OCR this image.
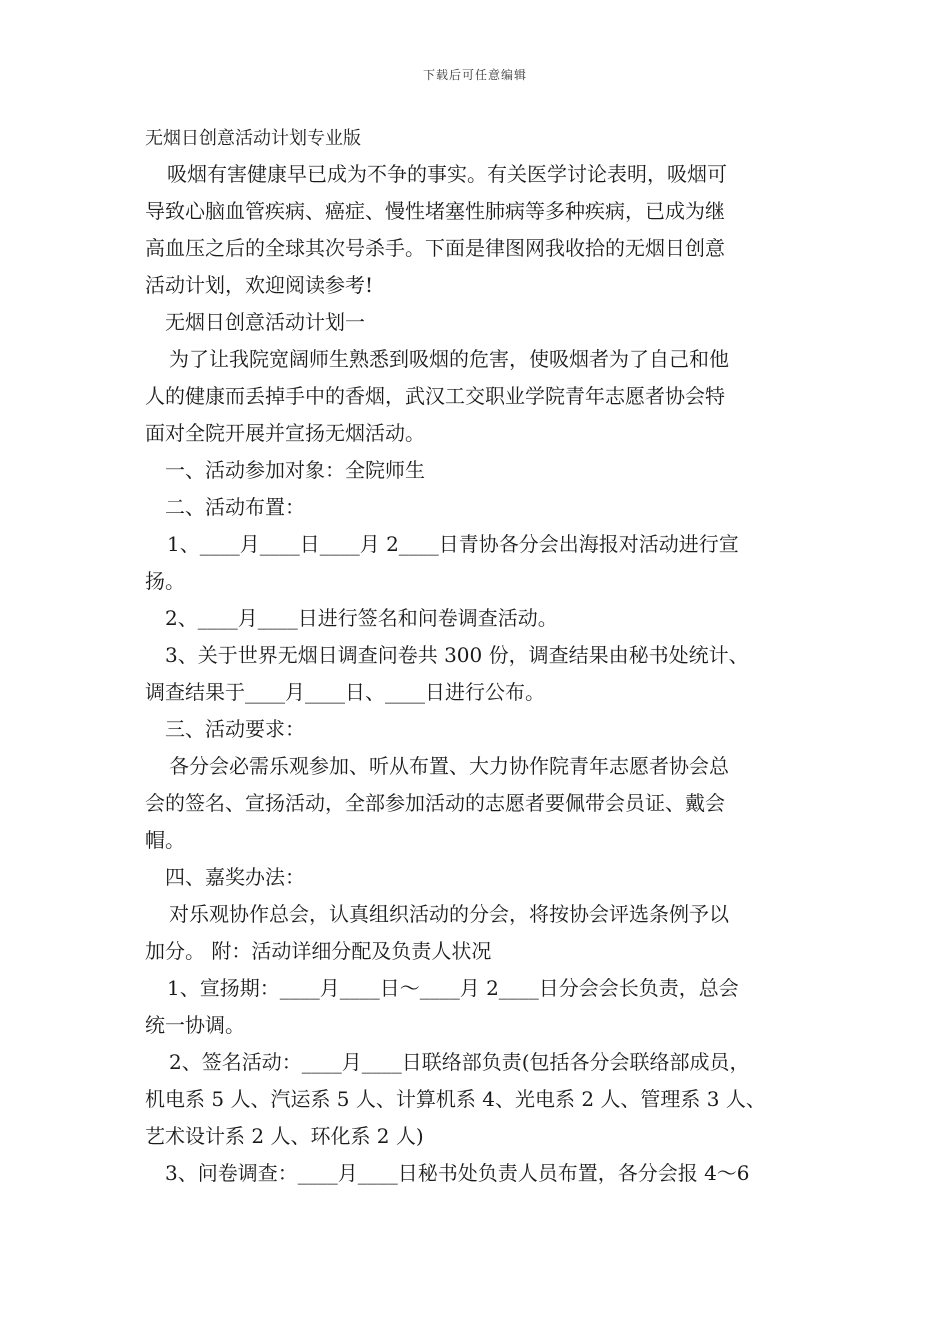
下载后可任意编辑
无烟日创意活动计划专业版

吸烟有害健康早已成为不争的事实。有关医学讨论表明，吸烟可
导致心脑血管疾病、癌症、慢性堵塞性肺病等多种疾病，已成为继
高血压之后的全球其次号杀手。下面是律图网我收拾的无烟日创意
活动计划，欢迎阅读参考!

无烟日创意活动计划一

为了让我院宽阔师生熟悉到吸烟的危害，使吸烟者为了自己和他
人的健康而丢掉手中的香烟，武汉工交职业学院青年志愿者协会特
面对全院开展并宣扬无烟活动。

一、活动参加对象：全院师生

二、活动布置：

1、____月____日____月 2____日青协各分会出海报对活动进行宣
扬。

2、____月____日进行签名和问卷调查活动。

3、关于世界无烟日调查问卷共 300 份，调查结果由秘书处统计、
调查结果于____月____日、____日进行公布。

三、活动要求：

各分会必需乐观参加、听从布置、大力协作院青年志愿者协会总
会的签名、宣扬活动，全部参加活动的志愿者要佩带会员证、戴会
帽。

四、嘉奖办法：

对乐观协作总会，认真组织活动的分会，将按协会评选条例予以
加分。 附：活动详细分配及负责人状况

1、宣扬期：____月____日～____月 2____日分会会长负责，总会
统一协调。

2、签名活动：____月____日联络部负责(包括各分会联络部成员，
机电系 5 人、汽运系 5 人、计算机系 4、光电系 2 人、管理系 3 人、
艺术设计系 2 人、环化系 2 人)

3、问卷调查：____月____日秘书处负责人员布置，各分会报 4～6
